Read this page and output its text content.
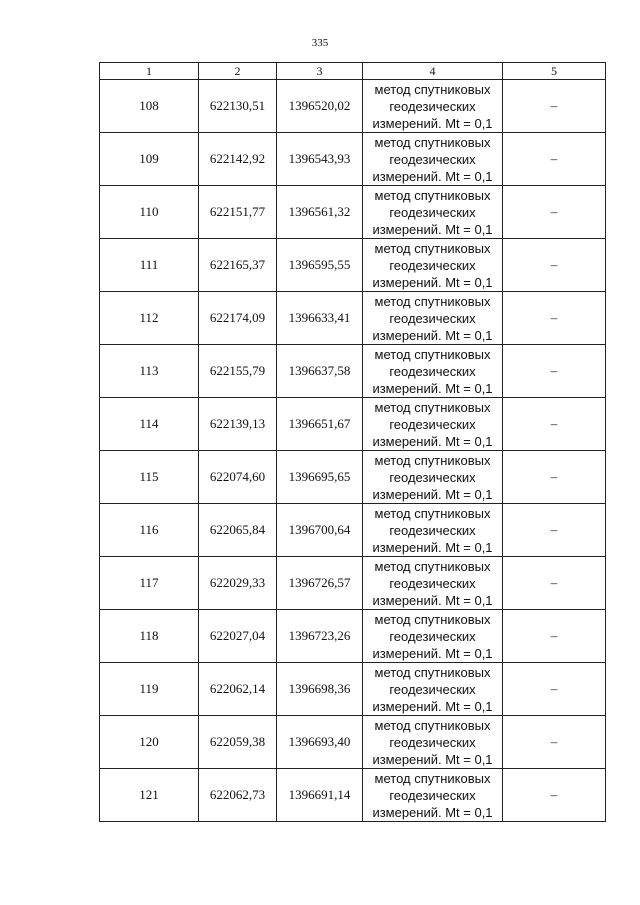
335
1	2	3	4	5
108	622130,51	1396520,02	метод спутниковых
геодезических
измерений. Mt = 0,1	–
109	622142,92	1396543,93	метод спутниковых
геодезических
измерений. Mt = 0,1	–
110	622151,77	1396561,32	метод спутниковых
геодезических
измерений. Mt = 0,1	–
111	622165,37	1396595,55	метод спутниковых
геодезических
измерений. Mt = 0,1	–
112	622174,09	1396633,41	метод спутниковых
геодезических
измерений. Mt = 0,1	–
113	622155,79	1396637,58	метод спутниковых
геодезических
измерений. Mt = 0,1	–
114	622139,13	1396651,67	метод спутниковых
геодезических
измерений. Mt = 0,1	–
115	622074,60	1396695,65	метод спутниковых
геодезических
измерений. Mt = 0,1	–
116	622065,84	1396700,64	метод спутниковых
геодезических
измерений. Mt = 0,1	–
117	622029,33	1396726,57	метод спутниковых
геодезических
измерений. Mt = 0,1	–
118	622027,04	1396723,26	метод спутниковых
геодезических
измерений. Mt = 0,1	–
119	622062,14	1396698,36	метод спутниковых
геодезических
измерений. Mt = 0,1	–
120	622059,38	1396693,40	метод спутниковых
геодезических
измерений. Mt = 0,1	–
121	622062,73	1396691,14	метод спутниковых
геодезических
измерений. Mt = 0,1	–
